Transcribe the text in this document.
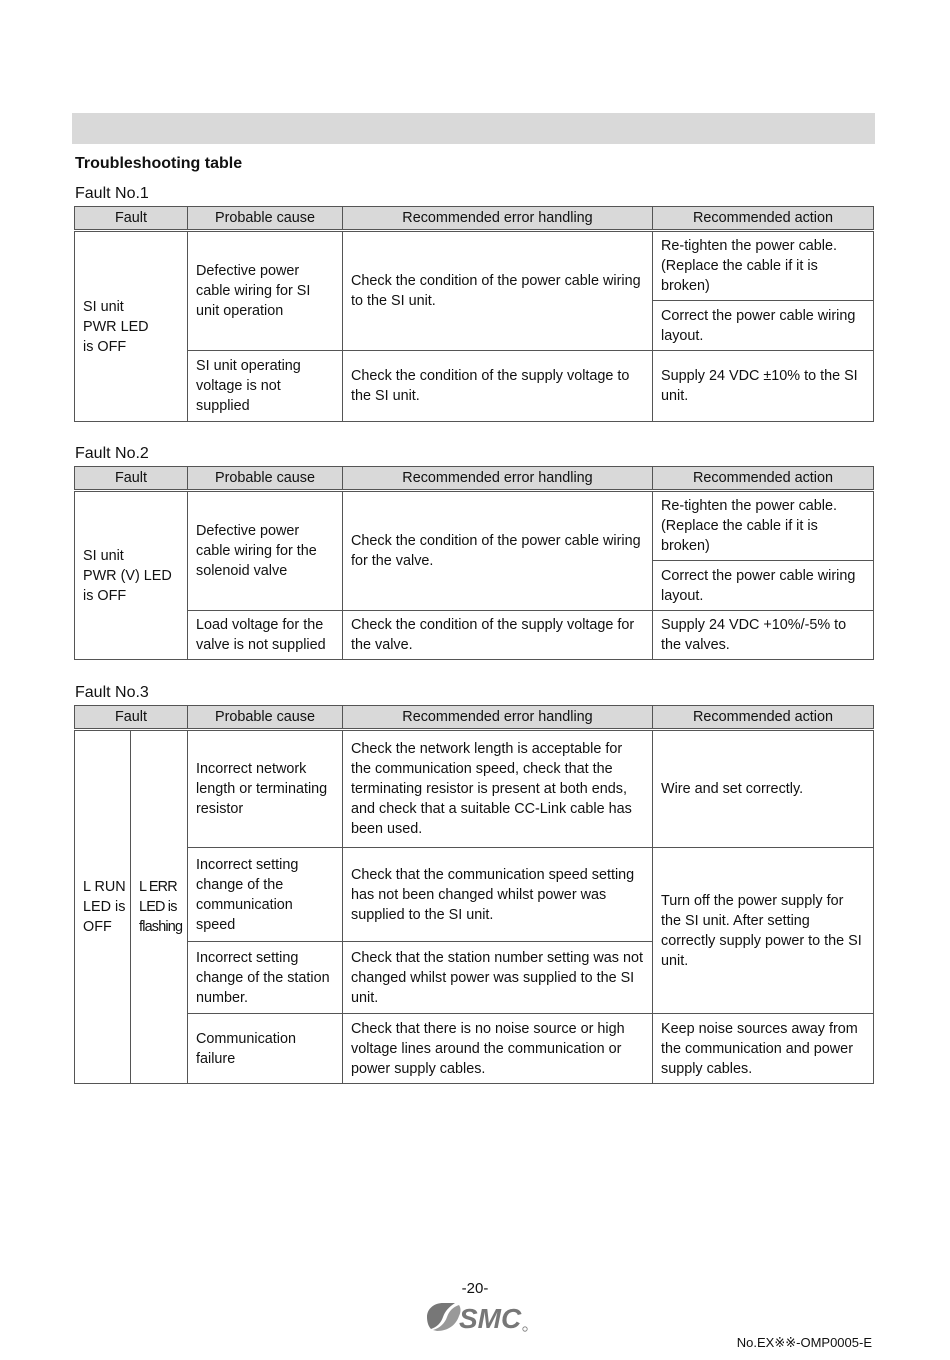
Troubleshooting table
Fault No.1
Fault	Probable cause	Recommended error handling	Recommended action
SI unit
PWR LED
is OFF	Defective power cable wiring for SI unit operation	Check the condition of the power cable wiring to the SI unit.	Re-tighten the power cable. (Replace the cable if it is broken)
			Correct the power cable wiring layout.
	SI unit operating voltage is not supplied	Check the condition of the supply voltage to the SI unit.	Supply 24 VDC ±10% to the SI unit.
Fault No.2
Fault	Probable cause	Recommended error handling	Recommended action
SI unit
PWR (V) LED
is OFF	Defective power cable wiring for the solenoid valve	Check the condition of the power cable wiring for the valve.	Re-tighten the power cable. (Replace the cable if it is broken)
			Correct the power cable wiring layout.
	Load voltage for the valve is not supplied	Check the condition of the supply voltage for the valve.	Supply 24 VDC +10%/-5% to the valves.
Fault No.3
Fault		Probable cause	Recommended error handling	Recommended action
L RUN
LED is
OFF	L ERR
LED is
flashing	Incorrect network length or terminating resistor	Check the network length is acceptable for the communication speed, check that the terminating resistor is present at both ends, and check that a suitable CC-Link cable has been used.	Wire and set correctly.
		Incorrect setting change of the communication speed	Check that the communication speed setting has not been changed whilst power was supplied to the SI unit.	Turn off the power supply for the SI unit. After setting correctly supply power to the SI unit.
		Incorrect setting change of the station number.	Check that the station number setting was not changed whilst power was supplied to the SI unit.	
		Communication failure	Check that there is no noise source or high voltage lines around the communication or power supply cables.	Keep noise sources away from the communication and power supply cables.
-20-
SMC
No.EX※※-OMP0005-E
